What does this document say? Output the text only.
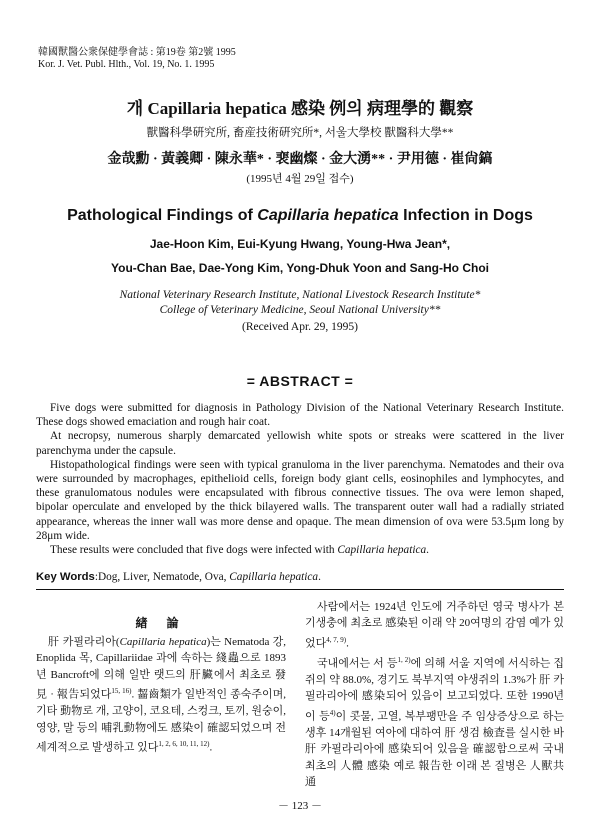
韓國獸醫公衆保健學會誌 : 第19卷 第2號 1995
Kor. J. Vet. Publ. Hlth., Vol. 19, No. 1. 1995
개 Capillaria hepatica 感染 例의 病理學的 觀察
獸醫科學硏究所, 畜産技術硏究所*, 서울大學校 獸醫科大學**
金哉勳 · 黃義卿 · 陳永華* · 裵幽燦 · 金大湧** · 尹用德 · 崔尙鎬
(1995년 4월 29일 접수)
Pathological Findings of Capillaria hepatica Infection in Dogs
Jae-Hoon Kim, Eui-Kyung Hwang, Young-Hwa Jean*,
You-Chan Bae, Dae-Yong Kim, Yong-Dhuk Yoon and Sang-Ho Choi
National Veterinary Research Institute, National Livestock Research Institute*
College of Veterinary Medicine, Seoul National University**
(Received Apr. 29, 1995)
= ABSTRACT =

Five dogs were submitted for diagnosis in Pathology Division of the National Veterinary Research Institute. These dogs showed emaciation and rough hair coat.

At necropsy, numerous sharply demarcated yellowish white spots or streaks were scattered in the liver parenchyma under the capsule.

Histopathological findings were seen with typical granuloma in the liver parenchyma. Nematodes and their ova were surrounded by macrophages, epithelioid cells, foreign body giant cells, eosinophiles and lymphocytes, and these granulomatous nodules were encapsulated with fibrous connective tissues. The ova were lemon shaped, bipolar operculate and enveloped by the thick bilayered walls. The transparent outer wall had a radially striated appearance, whereas the inner wall was more dense and opaque. The mean dimension of ova were 53.5μm long by 28μm wide.

These results were concluded that five dogs were infected with Capillaria hepatica.

Key Words:Dog, Liver, Nematode, Ova, Capillaria hepatica.
緖 論

肝 카필라리아(Capillaria hepatica)는 Nematoda 강, Enoplida 목, Capillariidae 과에 속하는 綫蟲으로 1893년 Bancroft에 의해 일반 랫드의 肝臟에서 최초로 發見 · 報告되었다$^{15, 16)}$. 齧齒類가 일반적인 종숙주이며, 기타 動物로 개, 고양이, 코요테, 스컹크, 토끼, 원숭이, 영양, 말 등의 哺乳動物에도 感染이 確認되었으며 전 세계적으로 발생하고 있다$^{1, 2, 6, 10, 11, 12)}$.

사람에서는 1924년 인도에 거주하던 영국 병사가 본 기생충에 최초로 感染된 이래 약 20여명의 감염 예가 있었다$^{4, 7, 9)}$.

국내에서는 서 등$^{1, 2)}$에 의해 서울 지역에 서식하는 집쥐의 약 88.0%, 경기도 북부지역 야생쥐의 1.3%가 肝 카필라리아에 感染되어 있음이 보고되었다. 또한 1990년 이 등$^{4)}$이 콧물, 고열, 복부팽만을 주 임상증상으로 하는 생후 14개월된 여아에 대하여 肝 생검 檢査를 실시한 바 肝 카필라리아에 感染되어 있음을 確認함으로써 국내 최초의 人體 感染 예로 報告한 이래 본 질병은 人獸共通

－ 123 －
